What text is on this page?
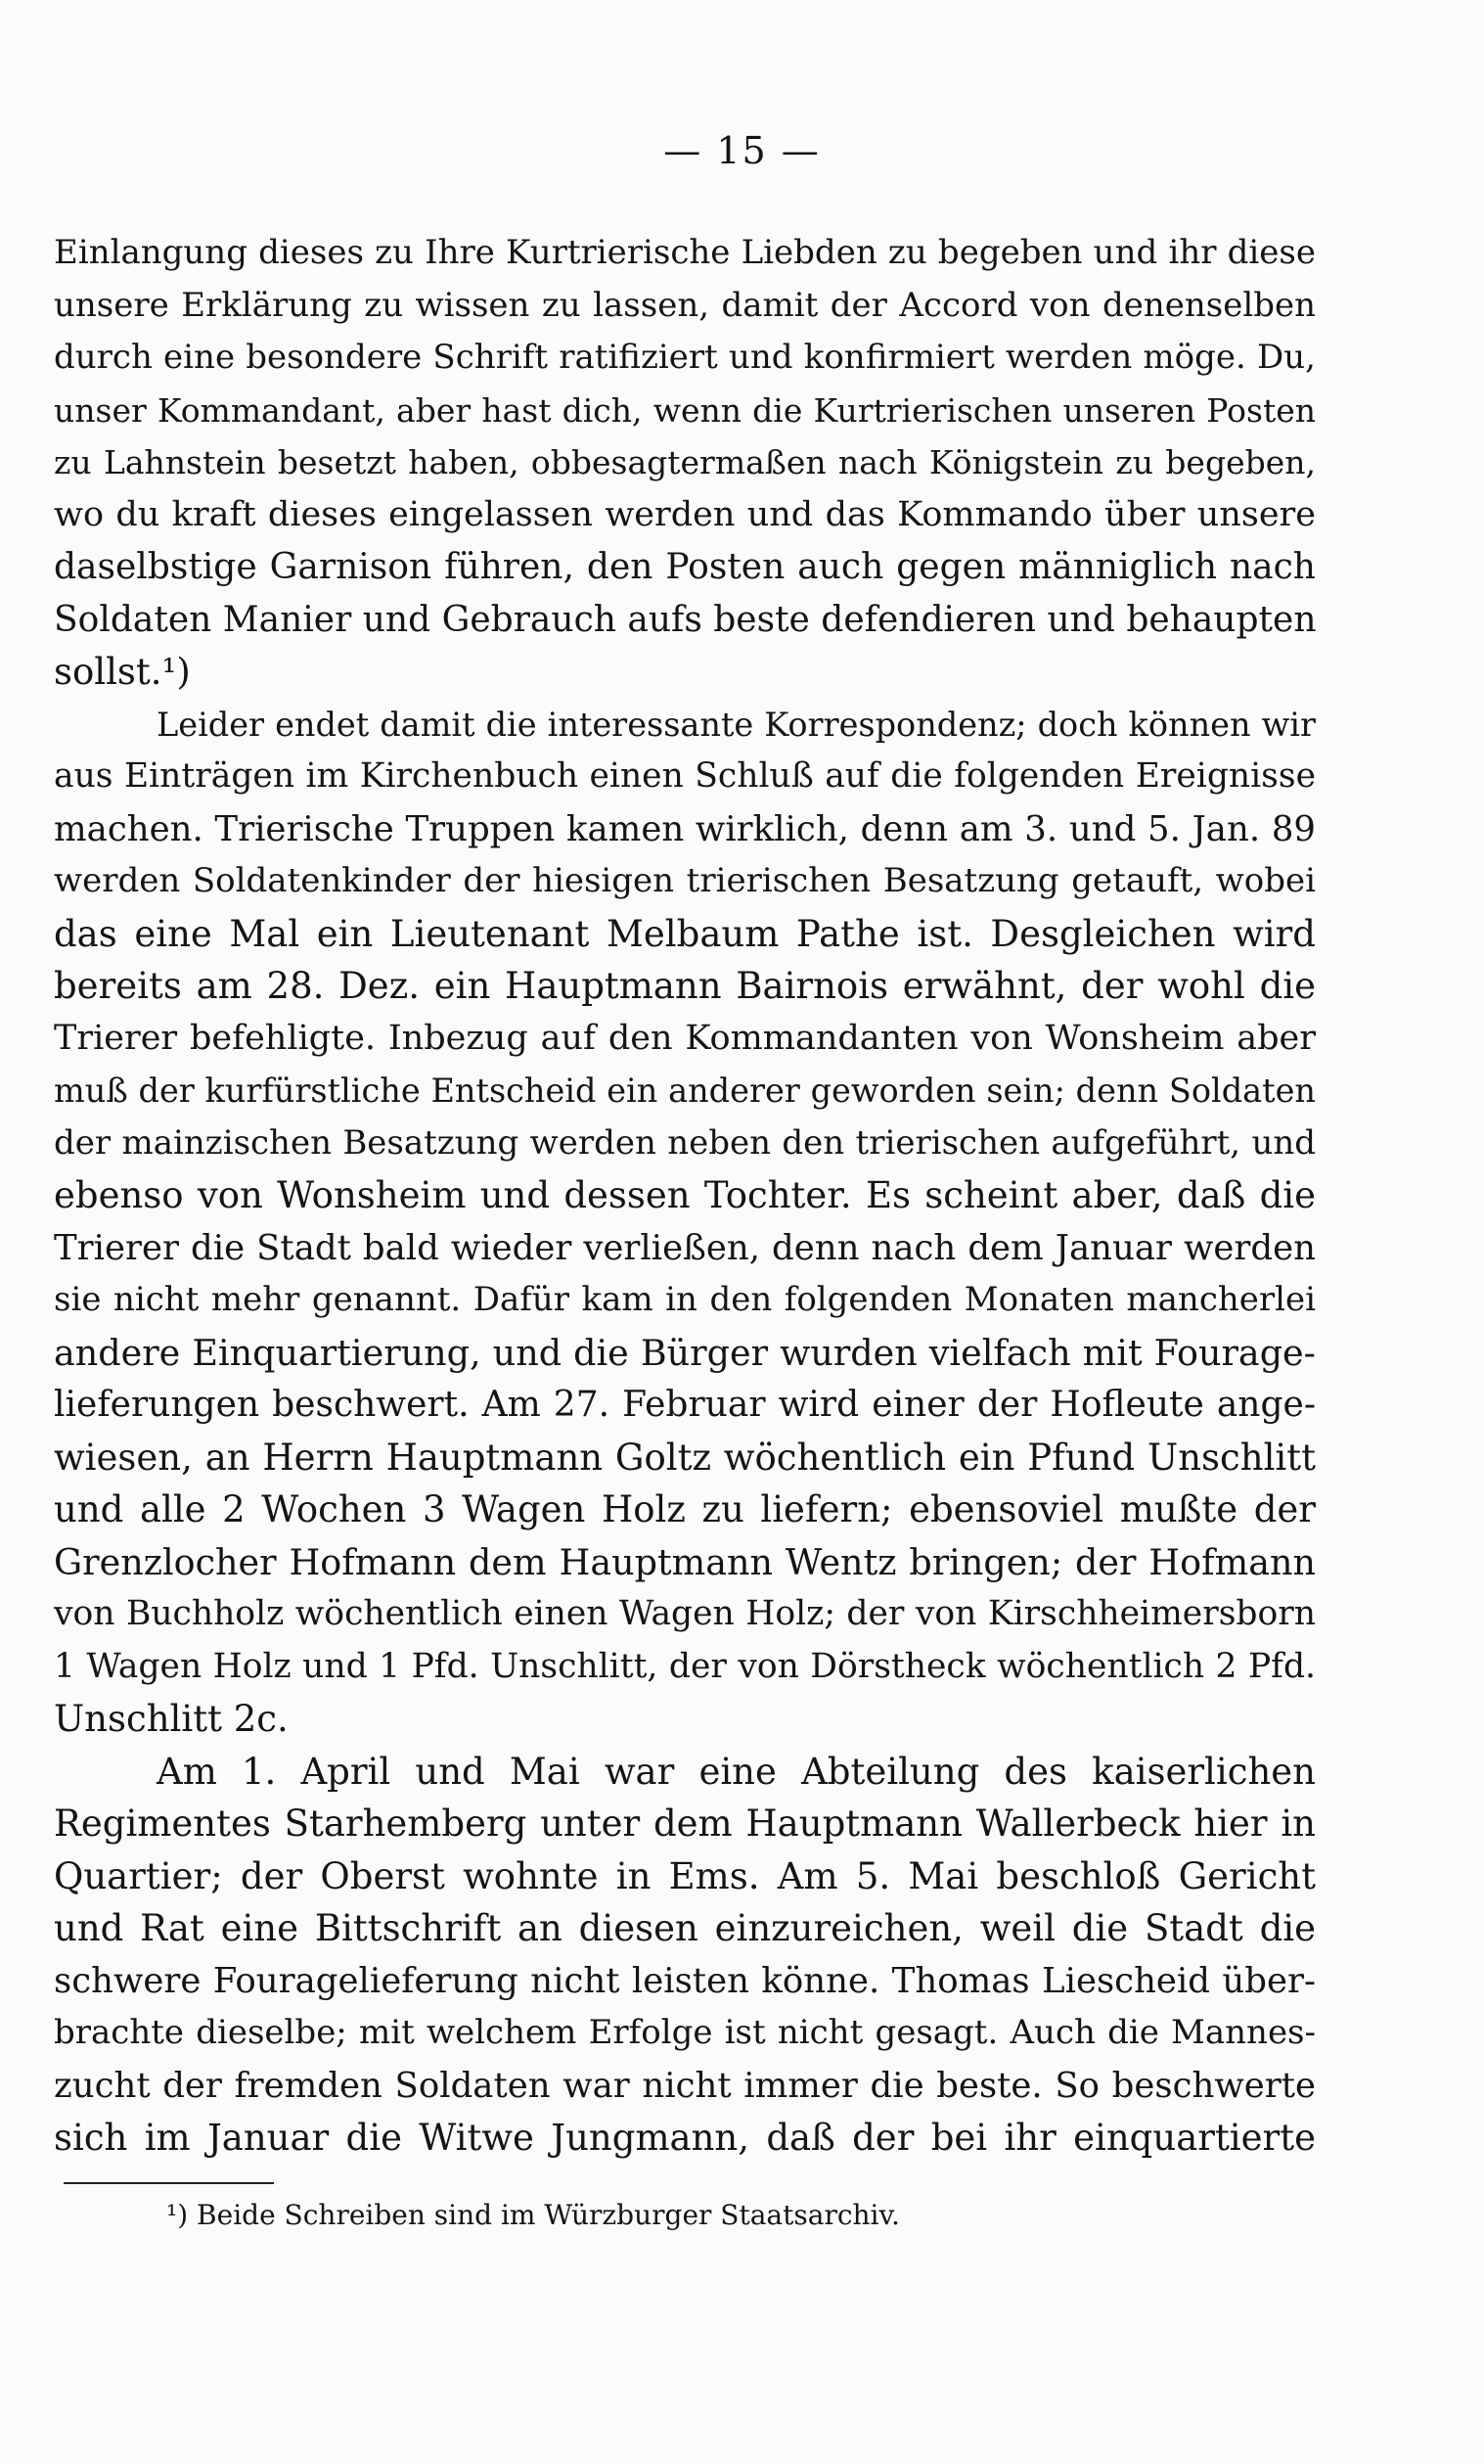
— 15 —
Einlangung dieses zu Ihre Kurtrierische Liebden zu begeben und ihr diese
unsere Erklärung zu wissen zu lassen, damit der Accord von denenselben
durch eine besondere Schrift ratifiziert und konfirmiert werden möge. Du,
unser Kommandant, aber hast dich, wenn die Kurtrierischen unseren Posten
zu Lahnstein besetzt haben, obbesagtermaßen nach Königstein zu begeben,
wo du kraft dieses eingelassen werden und das Kommando über unsere
daselbstige Garnison führen, den Posten auch gegen männiglich nach
Soldaten Manier und Gebrauch aufs beste defendieren und behaupten
sollst.¹)
Leider endet damit die interessante Korrespondenz; doch können wir
aus Einträgen im Kirchenbuch einen Schluß auf die folgenden Ereignisse
machen. Trierische Truppen kamen wirklich, denn am 3. und 5. Jan. 89
werden Soldatenkinder der hiesigen trierischen Besatzung getauft, wobei
das eine Mal ein Lieutenant Melbaum Pathe ist. Desgleichen wird
bereits am 28. Dez. ein Hauptmann Bairnois erwähnt, der wohl die
Trierer befehligte. Inbezug auf den Kommandanten von Wonsheim aber
muß der kurfürstliche Entscheid ein anderer geworden sein; denn Soldaten
der mainzischen Besatzung werden neben den trierischen aufgeführt, und
ebenso von Wonsheim und dessen Tochter. Es scheint aber, daß die
Trierer die Stadt bald wieder verließen, denn nach dem Januar werden
sie nicht mehr genannt. Dafür kam in den folgenden Monaten mancherlei
andere Einquartierung, und die Bürger wurden vielfach mit Fourage-
lieferungen beschwert. Am 27. Februar wird einer der Hofleute ange-
wiesen, an Herrn Hauptmann Goltz wöchentlich ein Pfund Unschlitt
und alle 2 Wochen 3 Wagen Holz zu liefern; ebensoviel mußte der
Grenzlocher Hofmann dem Hauptmann Wentz bringen; der Hofmann
von Buchholz wöchentlich einen Wagen Holz; der von Kirschheimersborn
1 Wagen Holz und 1 Pfd. Unschlitt, der von Dörstheck wöchentlich 2 Pfd.
Unschlitt 2c.
Am 1. April und Mai war eine Abteilung des kaiserlichen
Regimentes Starhemberg unter dem Hauptmann Wallerbeck hier in
Quartier; der Oberst wohnte in Ems. Am 5. Mai beschloß Gericht
und Rat eine Bittschrift an diesen einzureichen, weil die Stadt die
schwere Fouragelieferung nicht leisten könne. Thomas Liescheid über-
brachte dieselbe; mit welchem Erfolge ist nicht gesagt. Auch die Mannes-
zucht der fremden Soldaten war nicht immer die beste. So beschwerte
sich im Januar die Witwe Jungmann, daß der bei ihr einquartierte
¹) Beide Schreiben sind im Würzburger Staatsarchiv.
